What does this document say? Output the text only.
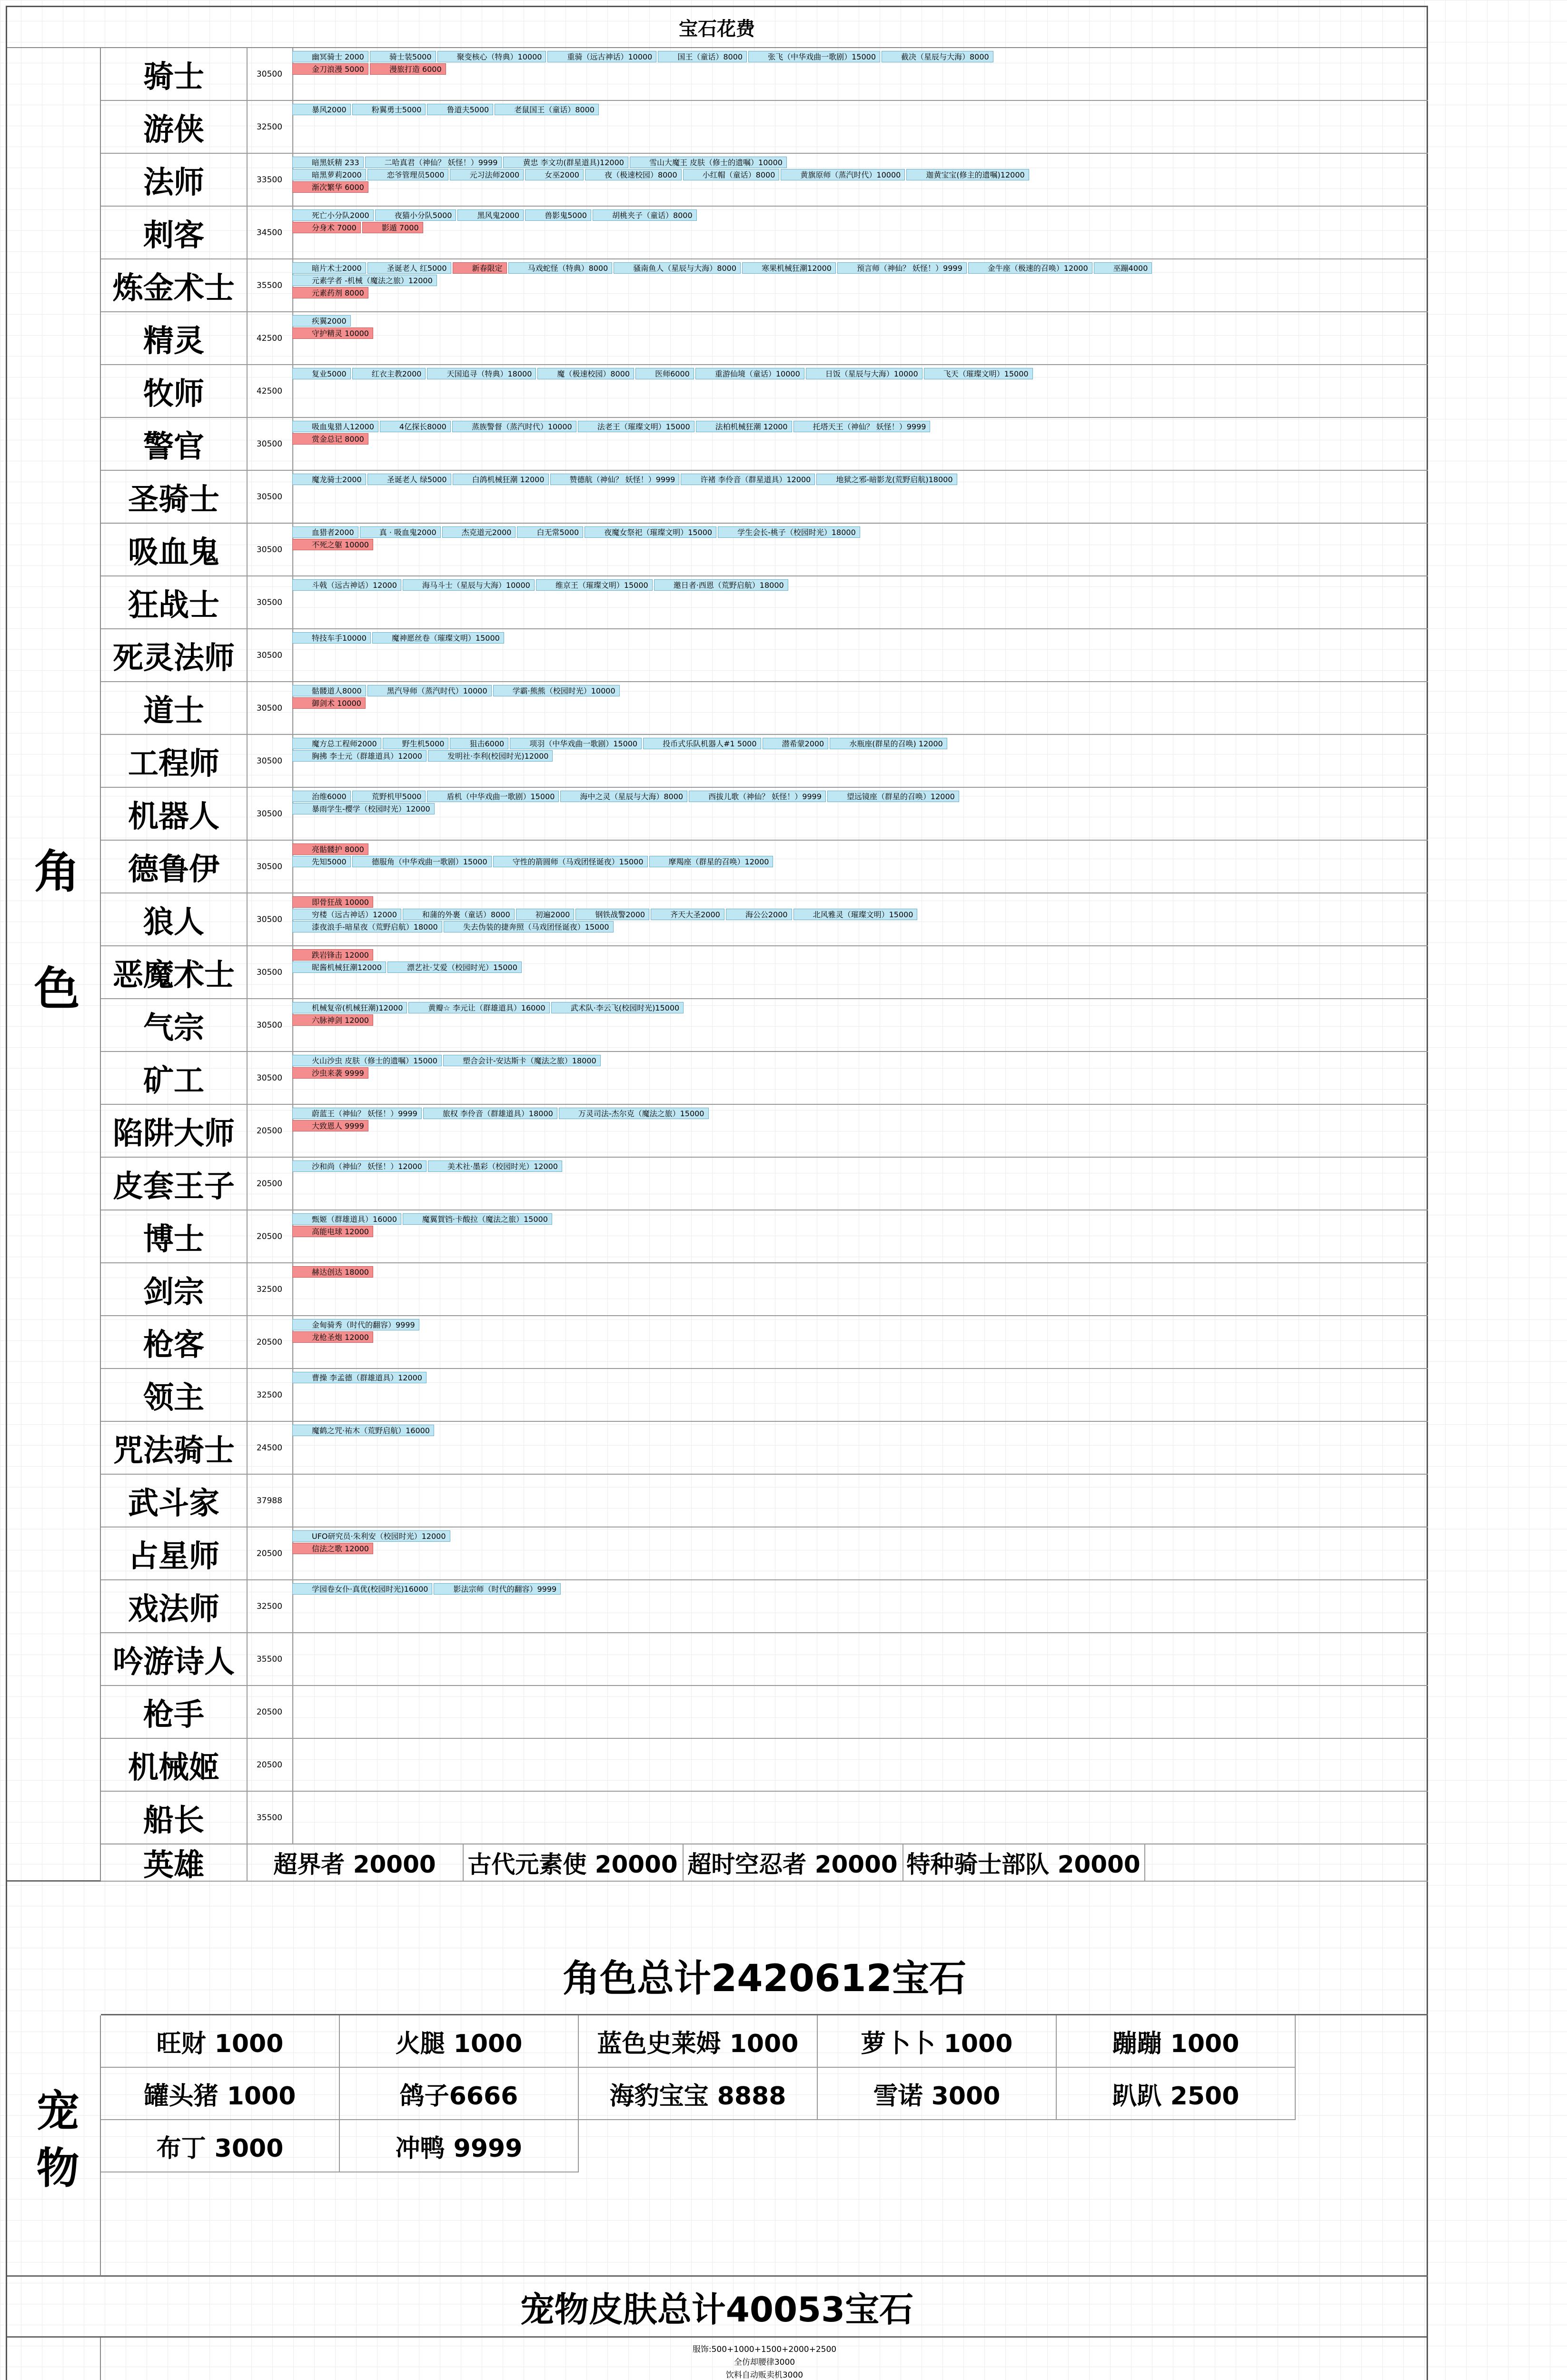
宝石花费
角色
骑士	30500
幽冥骑士 2000	骑士装5000	聚变核心（特典）10000	重骑（远古神话）10000	国王（童话）8000	张飞（中华戏曲一歌剧）15000	截决（星辰与大海）8000
金刀浪漫 5000	漫旅打造 6000
游侠	32500
暴风2000	粉翼勇士5000	鲁道夫5000	老鼠国王（童话）8000
法师	33500
暗黑妖精 233	二哈真君（神仙？ 妖怪！）9999	黄忠 李文功(群星道具)12000	雪山大魔王 皮肤（修士的遗嘱）10000
暗黑萝莉2000	恋爷管理员5000	元习法师2000	女巫2000	夜（极速校园）8000	小红帽（童话）8000	黄旗原师（蒸汽时代）10000	迦黄宝宝(修主的遗嘱)12000
渐次繁华 6000
刺客	34500
死亡小分队2000	夜猫小分队5000	黑风鬼2000	兽影鬼5000	胡桃夹子（童话）8000
分身术 7000	影遁 7000
炼金术士	35500
暗片术士2000	圣诞老人 红5000	新春限定	马戏蛇怪（特典）8000	骚南鱼人（星辰与大海）8000	寒果机械狂潮12000	预言师（神仙？ 妖怪！）9999	金牛座（极速的召唤）12000	巫蹦4000
元素学者 -机械（魔法之旅）12000
元素药剂 8000
精灵	42500
疾翼2000
守护精灵 10000
牧师	42500
复业5000	红衣主教2000	天国追寻（特典）18000	魔（极速校园）8000	医师6000	重游仙境（童话）10000	日饭（星辰与大海）10000	飞天（璀璨文明）15000
警官	30500
吸血鬼猎人12000	4亿探长8000	蒸族警督（蒸汽时代）10000	法老王（璀璨文明）15000	法柏机械狂潮 12000	托塔天王（神仙？ 妖怪！）9999
赏金总记 8000
圣骑士	30500
魔龙骑士2000	圣诞老人 绿5000	白鸽机械狂潮 12000	赞德航（神仙？ 妖怪！）9999	许褚 李伶音（群星道具）12000	地狱之邪-暗影龙(荒野启航)18000
吸血鬼	30500
血猎者2000	真 · 吸血鬼2000	杰克道元2000	白无常5000	夜魔女祭祀（璀璨文明）15000	学生会长-桃子（校园时光）18000
不死之躯 10000
狂战士	30500
斗戟（远古神话）12000	海马斗士（星辰与大海）10000	维京王（璀璨文明）15000	邀日者·西恩（荒野启航）18000
死灵法师	30500
特技车手10000	魔神愿丝卷（璀璨文明）15000
道士	30500
骷髅道人8000	黑汽导师（蒸汽时代）10000	学霸·熊熊（校园时光）10000
御剑术 10000
工程师	30500
魔方总工程师2000	野生机5000	狙击6000	项羽（中华戏曲一歌剧）15000	投币式乐队机器人#1 5000	潜希蒙2000	水瓶座(群星的召唤) 12000
胸拂 李士元（群雄道具）12000	发明社·李利(校园时光)12000
机器人	30500
治维6000	荒野机甲5000	盾机（中华戏曲一歌剧）15000	海中之灵（星辰与大海）8000	西拔儿歌（神仙？ 妖怪！）9999	望远镜座（群星的召唤）12000
暴雨学生-樱学（校园时光）12000
德鲁伊	30500
亮骷髅护 8000
先知5000	德服角（中华戏曲一歌剧）15000	守性的箭圆师（马戏团怪诞夜）15000	摩羯座（群星的召唤）12000
狼人	30500
即骨狂战 10000
穷楼（远古神话）12000	和蒲的外裹（童话）8000	初遍2000	钢铁战警2000	齐天大圣2000	海公公2000	北风雅灵（璀璨文明）15000
漆夜浪手-暗星夜（荒野启航）18000	失去伪装的捷奔照（马戏团怪诞夜）15000
恶魔术士	30500
跌岩锋击 12000
昵酱机械狂潮12000	漂艺社·艾爱（校园时光）15000
气宗	30500
机械复帝(机械狂潮)12000	黄瓣☆ 李元让（群雄道具）16000	武术队·李云飞(校园时光)15000
六脉神剑 12000
矿工	30500
火山沙虫 皮肤（修士的遗嘱）15000	塑合会计-安达斯卡（魔法之旅）18000
沙虫来袭 9999
陷阱大师	20500
蔚蓝王（神仙？ 妖怪！）9999	旅权 李伶音（群雄道具）18000	万灵司法-杰尔克（魔法之旅）15000
大致恩人 9999
皮套王子	20500
沙和尚（神仙？ 妖怪！）12000	美术社·墨彩（校园时光）12000
博士	20500
甄姬（群雄道具）16000	魔翼賀铛·卡酸拉（魔法之旅）15000
高能电球 12000
剑宗	32500
赫达创达 18000
枪客	20500
金甸骑秀（时代的翻容）9999
龙枪圣炮 12000
领主	32500
曹操 李孟德（群雄道具）12000
咒法骑士	24500
魔鹤之咒·祐木（荒野启航）16000
武斗家	37988
占星师	20500
UFO研究员·朱利安（校园时光）12000
信法之歌 12000
戏法师	32500
学园卷女仆·真优(校园时光)16000	影法宗师（时代的翻容）9999
吟游诗人	35500
枪手	20500
机械姬	20500
船长	35500
英雄	超界者 20000	古代元素使 20000 超时空忍者 20000 特种骑士部队 20000
角色总计2420612宝石
宠物
旺财 1000	火腿 1000	蓝色史莱姆 1000	萝卜卜 1000	蹦蹦 1000
罐头猪 1000	鸽子6666	海豹宝宝 8888	雪诺 3000	趴趴 2500
布丁 3000	冲鸭 9999
宠物皮肤总计40053宝石
服饰:500+1000+1500+2000+2500
全仿却腰律3000
饮料自动贩卖机3000
